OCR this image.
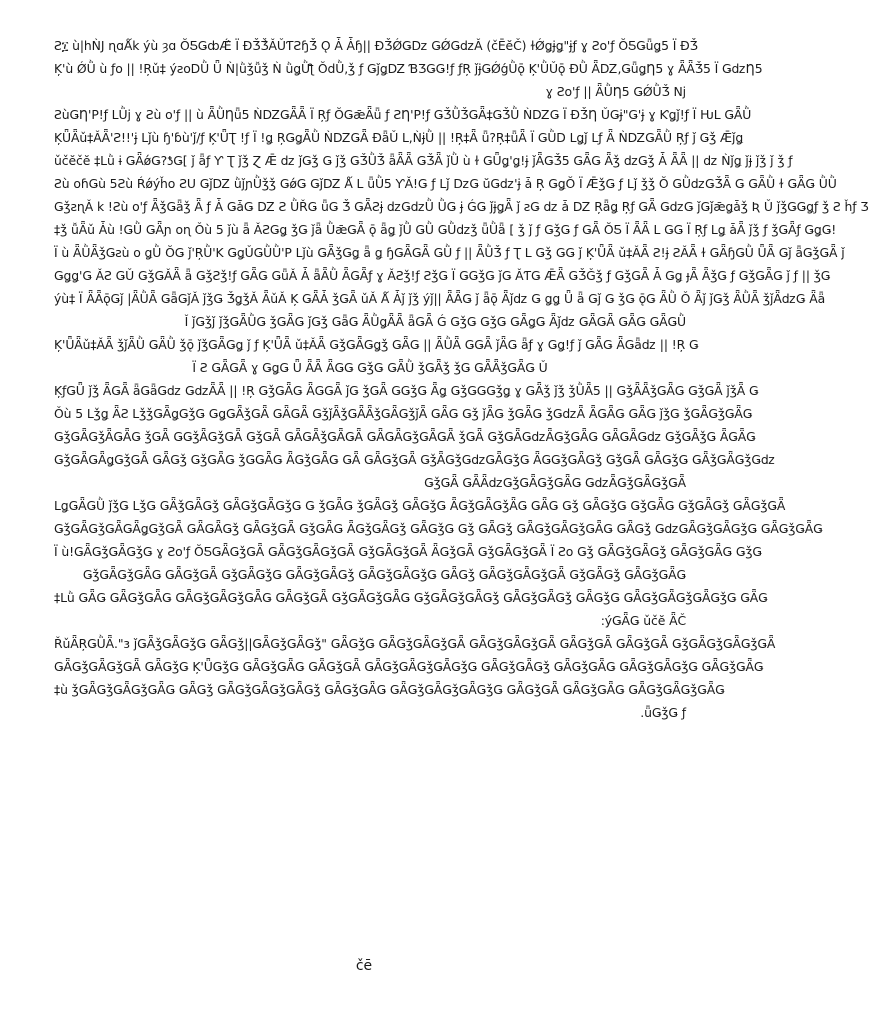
Ƨ፲ ù|hǸJ ɳɑǺk ýù ȝɑ ŎƼǤȸǼ̂ Ï ƉǮǮ̂ǍǓƬƧɧǮ Ǫ Ǡ Ǡɧ|| ƉǮǾǤǲ ǤǾǤǳǍ (čĒĕČ) ɫǾǥɉǥ"ɉƒ ɣ Ƨo'ƒ ŎƼǤǖǥ5 Ï ƉǮ
Ķ'ù ǾǛ ù ƒo || !Ŗǔ‡ ýƨoDǛ Ǖ Ǹ|ǜǯǚǯ Ǹ ǜǥǛƪ ŎdǛ,ǯ ƒ ǤǰǥǱ ƁƷǤǤ!ƒ ƒŖ ǰɉǤǾǵǛǭ Ķ'ǛǓǭ ƉǛ ǞǱ,ǤǖǥȠ5 ɣ ǞǞǮ5 Ï ǤǳȠ5
ɣ Ƨo'ƒ || ǞǛȠ5 ǤǾǛǮ Nj
ƧùǤȠ'P!ƒ LǛj ɣ Ƨù o'ƒ || ù ǞǛȠǖ5 ǸǱǤǞǞ Ï Ŗƒ ŎǤǣǞǖ ƒ ƧȠ'P!ƒ ǤǮǛǮǤǞ‡ǤǮǛ ǸǱǤ Ï ƉǮȠ ǓǤɉ"Ǥ'ɉ ɣ Ƙǥǰ!ƒ Ï ǶL ǤǞǛ
ĶǕǞǔ‡ǍǞ'Ƨ!!'ɉ Lǰù ɧ'ɓù'ǰ/ƒ Ķ'ǕƮ !ƒ Ï !ǥ ŖǤǥǞǛ ǸǱǤǞ ƉǟǓ L,ǸɉǛ || !Ŗ‡Ǟ ǖ?Ŗ‡ǖǞ Ï ǤǛD Lǥǰ Lƒ Ǟ ǸǱǤǞǛ Ŗƒ ǰ Ǥǯ Ǣǰǥ
ǔčĕčĕ ‡Lǜ ɨ ǤǞǿǤ?ƾǤ[ ǰ ǟƒ Ƴ Ʈ ǰǯ Ɀ Ǣ ǳ ǰǤǯ Ǥ ǰǯ ǤǮǛǮ ǟǞǞ ǤǮǞ ǰǛ ù ɫ ǤǕǥ'ǥ!ɉ ǰǞǤǮ5 ǤǞǤ Ǟǯ ǳǤǯ Ǡ ǞǞ || ǳ Ǹǰǥ ǰɉ ǰǯ ǰ ǯ ƒ
Ƨù oɦǤù 5Ƨù Ŕǿýȟo ƧU ǤǰǱ ǜǰɲǛǯǯ ǤǿǤ ǤǰǱ Ǻ L ǖǛ5 ƳǍ!Ǥ ƒ Lǰ ǲǤ ŭǤǳ'ɉ ǡ Ŗ ǤǥŎ Ï ǢǯǤ ƒ Lǰ ǯǯ Ŏ ǤǛǳǤǮǞ Ǥ ǤǞǛ ɫ ǤǞǤ ǛǛ
ǤǯƨɳǍ k !Ƨù o'ƒ ǞǯǤǟǯ Ǟ ƒ Ǡ ǤǡǤ Ǳ Ƨ ǛŘǤ ǖǤ Ǯ ǤǞƧɉ ǳǤǳǛ ǛǤ ɉ ǴǤ ǰɉǥǞ ǰ ƨǤ ǳ ǡ Ǳ Ŗǟǥ Ŗƒ ǤǞ ǤǳǤ ǰǤǰǣǥǡǯ Ʀ Ǔ ǰǯǤǤǥƒ ǯ Ƨ ȟƒ Ʒ
‡ǯ ǚǞǔ Ǡù !ǤǛ ǤǞɲ oɳ Ǒù 5 ǰù ǟ ǍƧǤǥ ǯǤ ǰǟ ǛǣǤǞ ǭ ǟǥ ǰǛ ǤǛ ǤǛǳǯ ǖǛǟ [ ǯ ǰ ƒ ǤǯǤ ƒ ǤǞ ŎƼ Ï ǞǞ L ǤǤ Ï Ŗƒ Lǥ ǡǞ ǰǯ ƒ ǯǤǞƒ ǤǥǤ!
Ï ù ǞǛǞǯǤƨù o ǥǛ ŎǤ ǰ'ŖǛ'K ǤǥǓǤǛǛ'P Lǰù ǤǞǯǤǥ ǟ ǥ ɧǤǞǤǞ ǤǛ ƒ || ǞǛǮ ƒ Ʈ L Ǥǯ ǤǤ ǰ Ķ'ǕǞ ǔ‡ǍǞ Ƨ!ɉ ƧǍǞ ɫ ǤǞɧǤǛ ǕǞ Ǥǰ ǟǤǯǤǞ ǰ
Ǥǥǥ'Ǥ ǍƧ ǤǓ ǤǯǤǍǞ ǟ ǤǯƧǯ!ƒ ǤǞǤ ǤǖǍ Ǡ ǟǞǛ ǞǤǞƒ ɣ ǍƧǯ!ƒ ƧǯǤ Ï ǤǤǯǤ ǰǤ ǍƬǤ ǢǞ ǤǮǦǯ ƒ ǤǯǤǞ Ǡ Ǥǥ ɟǞ ǞǯǤ ƒ ǤǯǤǞǤ ǰ ƒ || ǯǤ
ýù‡ Ï ǞǞǭǤǰ |ǞǛǞ ǤǟǤǰǍ ǰǯǤ ǮǥǯǍ ǞǔǍ Ķ ǤǞǠ ǯǤǞ ǔǍ Ǻ Ǡǰ ǰǯ ýǰ|| ǞǞǤ ǰ ǟǭ Ǟǰǳ Ǥ ǥǥ Ǖ ǟ Ǥǰ Ǥ ǯǤ ǭǤ ǞǛ Ǒ Ǟǰ ǰǤǯ ǞǛǞ ǯǰǞǳǤ Ǟǟ
Ǐ ǰǤǯǰ ǰǯǤǞǛǤ ǯǤǞǤ ǰǤǯ ǤǟǤ ǞǛǥǞǞ ǟǤǞ Ǵ ǤǯǤ ǤǯǤ ǤǞǥǤ Ǟǰǳ ǤǞǤǞ ǤǞǤ ǤǞǤǛ
Ķ'ǕǞǔ‡ǍǞ ǯǰǞǛ ǤǞǛ ǯǭ ǰǯǤǞǤǥ ǰ ƒ Ķ'ǕǞ ǔ‡ǍǞ ǤǯǤǞǤǥǯ ǤǞǤ || ǞǛǞ ǤǤǞ ǰǞǤ ǟƒ ɣ Ǥǥ!ƒ ǰ ǤǞǤ ǞǤǟǳ || !Ŗ Ǥ
Ï Ƨ ǤǞǤǞ ɣ ǤǥǤ Ǖ ǞǞ ǞǤǤ ǤǯǤ ǤǞǛ ǯǤǞǯ ǯǤ ǤǞǞǯǤǞǤ Ǔ
ĶƒǤǕ ǰǯ ǞǤǞ ǟǤǟǤǳ ǤǳǞǞ || !Ŗ ǤǯǤǞǤ ǞǤǤǞ ǰǤ ǯǤǞ ǤǤǯǤ Ǟǥ ǤǯǤǤǤǯǥ ɣ ǤǞǯ ǰǯ ǯǛǞ5 || ǤǯǞǞǯǤǞǤ ǤǯǤǞ ǰǯǞ Ǥ
Ǒù 5 Lǯǥ ǞƧ LǯǯǤǞǥǤǯǤ ǤǥǤǞǯǤǞ ǤǞǤǞ ǤǯǰǞǯǤǞǞǯǤǞǤǯǰǞ ǤǞǤ Ǥǯ ǰǞǤ ǯǤǞǤ ǯǤǳǞ ǞǤǞǤ ǤǞǤ ǰǯǤ ǯǤǞǤǯǤǞǤ
ǤǯǤǞǤǯǞǤǞǤ ǯǤǞ ǤǤǯǞǤǯǤǞ ǤǯǤǞ ǤǞǤǞǯǤǞǤǞ ǤǞǤǞǤǯǤǞǤǞ ǯǤǞ ǤǯǤǞǤǳǞǤǯǤǞǤ ǤǞǤǞǤǳ ǤǯǤǞǯǤ ǞǤǞǤ
ǤǯǤǞǤǞǥǤǯǤǞ ǤǞǤǯ ǤǯǤǞǤ ǯǤǤǞǤ ǞǤǯǤǞǤ ǤǞ ǤǞǤǯǤǞ ǤǯǞǤǯǤǳǤǞǤǯǤ ǞǤǤǯǤǞǤǯ ǤǯǤǞ ǤǞǤǯǤ ǤǞǯǤǞǤǯǤǳ
ǤǯǤǞ ǤǞǞǳǤǯǤǞǤǯǤǞǤ ǤǳǞǤǯǤǞǤǯǤǞ
LǥǤǞǤǛ ǰǯǤ LǯǤ ǤǞǯǤǞǤǯ ǤǞǤǯǤǞǤǯǤ Ǥ ǯǤǞǤ ǯǤǞǤǯ ǤǞǤǯǤ ǞǤǯǤǞǤǯǞǤ ǤǞǤ Ǥǯ ǤǞǤǯǤ ǤǯǤǞǤ ǤǯǤǞǤǯ ǤǞǤǯǤǞ
ǤǯǤǞǤǯǤǞǤǞǥǤǯǤǞ ǤǞǤǞǤǯ ǤǞǤǯǤǞ ǤǯǤǞǤ ǞǤǯǤǞǤǯ ǤǞǤǯǤ Ǥǯ ǤǞǤǯ ǤǞǤǯǤǞǤǯǤǞǤ ǤǞǤǯ ǤǳǤǞǤǯǤǞǤǯǤ ǤǞǤǯǤǞǤ
Ï ù!ǤǞǤǯǤǞǤǯǤ ɣ Ƨo'ƒ ŎƼǤǞǤǯǤǞ ǤǞǤǯǤǞǤǯǤǞ ǤǯǤǞǤǯǤǞ ǞǤǯǤǞ ǤǯǤǞǤǯǤǞ Ï Ƨo Ǥǯ ǤǞǤǯǤǞǤǯ ǤǞǤǯǤǞǤ ǤǯǤ
ǤǯǤǞǤǯǤǞǤ ǤǞǤǯǤǞ ǤǯǤǞǤǯǤ ǤǞǤǯǤǞǤǯ ǤǞǤǯǤǞǤǯǤ ǤǞǤǯ ǤǞǤǯǤǞǤǯǤǞ ǤǯǤǞǤǯ ǤǞǤǯǤǞǤ
‡Lǜ ǤǞǤ ǤǞǤǯǤǞǤ ǤǞǤǯǤǞǤǯǤǞǤ ǤǞǤǯǤǞ ǤǯǤǞǤǯǤǞǤ ǤǯǤǞǤǯǤǞǤǯ ǤǞǤǯǤǞǤǯ ǤǞǤǯǤ ǤǞǤǯǤǞǤǯǤǞǤǯǤ ǤǞǤ
:ýǤǞǤ ǔčĕ ǞČ
ŘǔǞŖǤǛǞ."ɜ ǰǤǞǯǤǞǤǯǤ ǤǞǤǯ||ǤǞǤǯǤǞǤǯ" ǤǞǤǯǤ ǤǞǤǯǤǞǤǯǤǞ ǤǞǤǯǤǞǤǯǤǞ ǤǞǤǯǤǞ ǤǞǤǯǤǞ ǤǯǤǞǤǯǤǞǤǯǤǞ
ǤǞǤǯǤǞǤǯǤǞ ǤǞǤǯǤ Ķ'ǕǤǯǤ ǤǞǤǯǤǞǤ ǤǞǤǯǤǞ ǤǞǤǯǤǞǤǯǤǞǤǯǤ ǤǞǤǯǤǞǤǯ ǤǞǤǯǤǞǤ ǤǞǤǯǤǞǤǯǤ ǤǞǤǯǤǞǤ
‡ù ǯǤǞǤǯǤǞǤǯǤǞǤ ǤǞǤǯ ǤǞǤǯǤǞǤǯǤǞǤǯ ǤǞǤǯǤǞǤ ǤǞǤǯǤǞǤǯǤǞǤǯǤ ǤǞǤǯǤǞ ǤǞǤǯǤǞǤ ǤǞǤǯǤǞǤǯǤǞǤ
.ǖǤǯǤ ƒ
čē
